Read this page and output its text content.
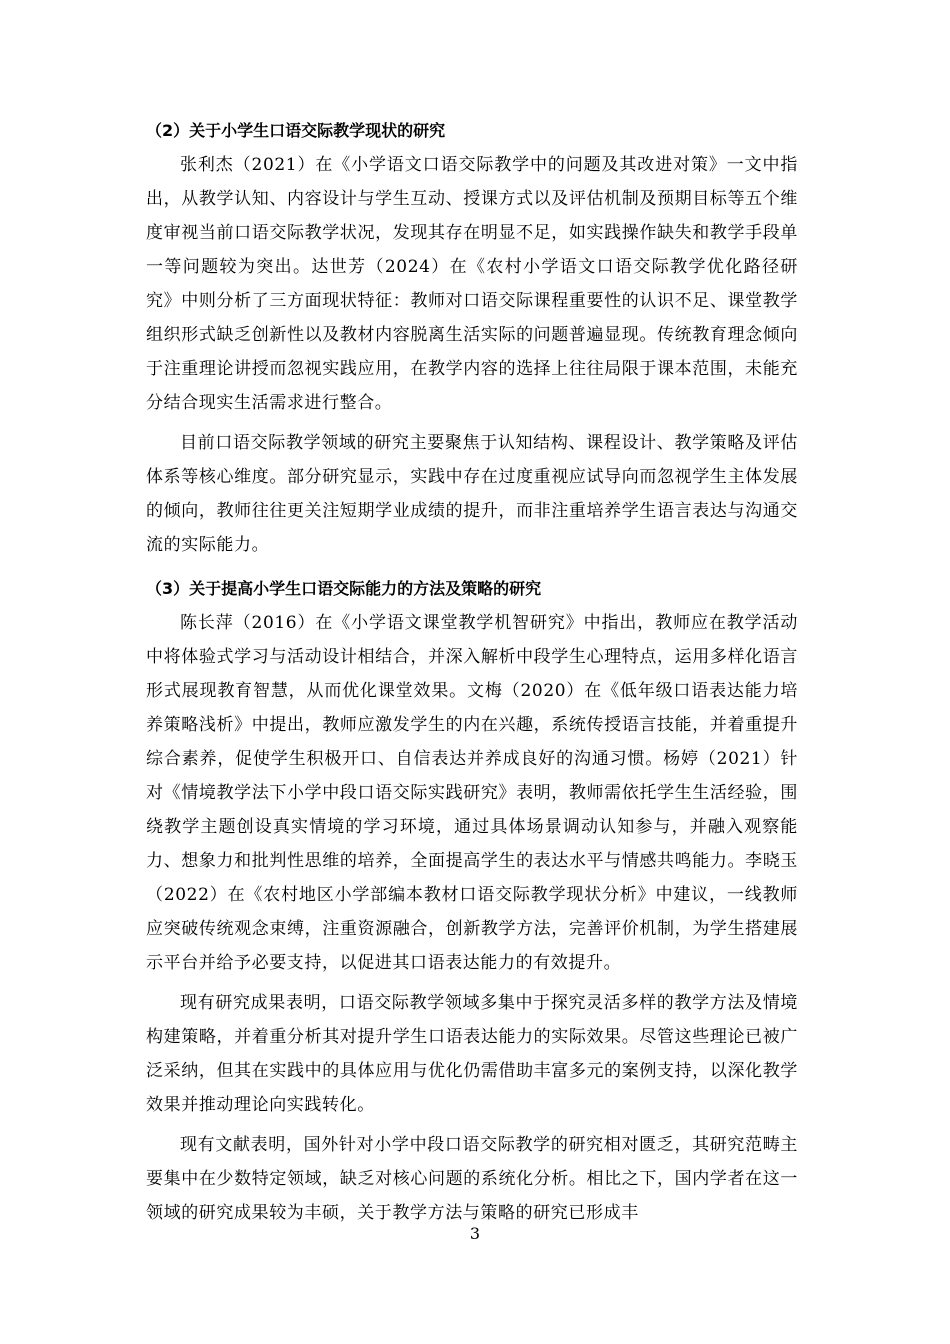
（2）关于小学生口语交际教学现状的研究

张利杰（2021）在《小学语文口语交际教学中的问题及其改进对策》一文中指出，从教学认知、内容设计与学生互动、授课方式以及评估机制及预期目标等五个维度审视当前口语交际教学状况，发现其存在明显不足，如实践操作缺失和教学手段单一等问题较为突出。达世芳（2024）在《农村小学语文口语交际教学优化路径研究》中则分析了三方面现状特征：教师对口语交际课程重要性的认识不足、课堂教学组织形式缺乏创新性以及教材内容脱离生活实际的问题普遍显现。传统教育理念倾向于注重理论讲授而忽视实践应用，在教学内容的选择上往往局限于课本范围，未能充分结合现实生活需求进行整合。

目前口语交际教学领域的研究主要聚焦于认知结构、课程设计、教学策略及评估体系等核心维度。部分研究显示，实践中存在过度重视应试导向而忽视学生主体发展的倾向，教师往往更关注短期学业成绩的提升，而非注重培养学生语言表达与沟通交流的实际能力。

（3）关于提高小学生口语交际能力的方法及策略的研究

陈长萍（2016）在《小学语文课堂教学机智研究》中指出，教师应在教学活动中将体验式学习与活动设计相结合，并深入解析中段学生心理特点，运用多样化语言形式展现教育智慧，从而优化课堂效果。文梅（2020）在《低年级口语表达能力培养策略浅析》中提出，教师应激发学生的内在兴趣，系统传授语言技能，并着重提升综合素养，促使学生积极开口、自信表达并养成良好的沟通习惯。杨婷（2021）针对《情境教学法下小学中段口语交际实践研究》表明，教师需依托学生生活经验，围绕教学主题创设真实情境的学习环境，通过具体场景调动认知参与，并融入观察能力、想象力和批判性思维的培养，全面提高学生的表达水平与情感共鸣能力。李晓玉（2022）在《农村地区小学部编本教材口语交际教学现状分析》中建议，一线教师应突破传统观念束缚，注重资源融合，创新教学方法，完善评价机制，为学生搭建展示平台并给予必要支持，以促进其口语表达能力的有效提升。

现有研究成果表明，口语交际教学领域多集中于探究灵活多样的教学方法及情境构建策略，并着重分析其对提升学生口语表达能力的实际效果。尽管这些理论已被广泛采纳，但其在实践中的具体应用与优化仍需借助丰富多元的案例支持，以深化教学效果并推动理论向实践转化。

现有文献表明，国外针对小学中段口语交际教学的研究相对匮乏，其研究范畴主要集中在少数特定领域，缺乏对核心问题的系统化分析。相比之下，国内学者在这一领域的研究成果较为丰硕，关于教学方法与策略的研究已形成丰

3
